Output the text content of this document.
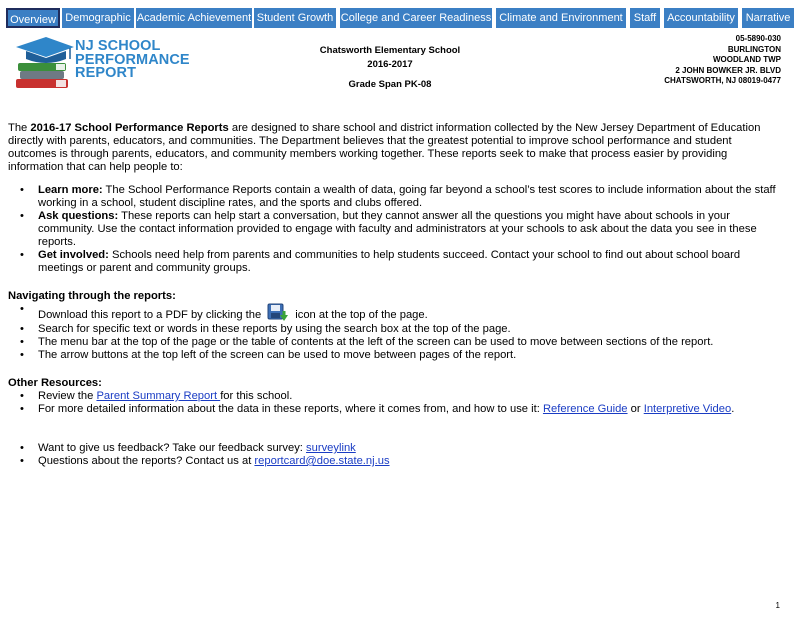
Overview Demographic Academic Achievement Student Growth College and Career Readiness Climate and Environment	Staff Accountability Narrative
NJ SCHOOL
PERFORMANCE
REPORT
Chatsworth Elementary School
2016-2017
Grade Span PK-08
05-5890-030
BURLINGTON
WOODLAND TWP
2 JOHN BOWKER JR. BLVD
CHATSWORTH, NJ 08019-0477

The 2016-17 School Performance Reports are designed to share school and district information collected by the New Jersey Department of Education directly with parents, educators, and communities. The Department believes that the greatest potential to improve school performance and student outcomes is through parents, educators, and community members working together. These reports seek to make that process easier by providing information that can help people to:

• Learn more: The School Performance Reports contain a wealth of data, going far beyond a school’s test scores to include information about the staff working in a school, student discipline rates, and the sports and clubs offered.
• Ask questions: These reports can help start a conversation, but they cannot answer all the questions you might have about schools in your community. Use the contact information provided to engage with faculty and administrators at your schools to ask about the data you see in these reports.
• Get involved: Schools need help from parents and communities to help students succeed. Contact your school to find out about school board meetings or parent and community groups.
Navigating through the reports:
• Download this report to a PDF by clicking the	icon at the top of the page.
• Search for specific text or words in these reports by using the search box at the top of the page.
• The menu bar at the top of the page or the table of contents at the left of the screen can be used to move between sections of the report.
• The arrow buttons at the top left of the screen can be used to move between pages of the report.
Other Resources:
• Review the Parent Summary Report for this school.
• For more detailed information about the data in these reports, where it comes from, and how to use it: Reference Guide or Interpretive Video.
• Want to give us feedback? Take our feedback survey: surveylink
• Questions about the reports? Contact us at reportcard@doe.state.nj.us
1
